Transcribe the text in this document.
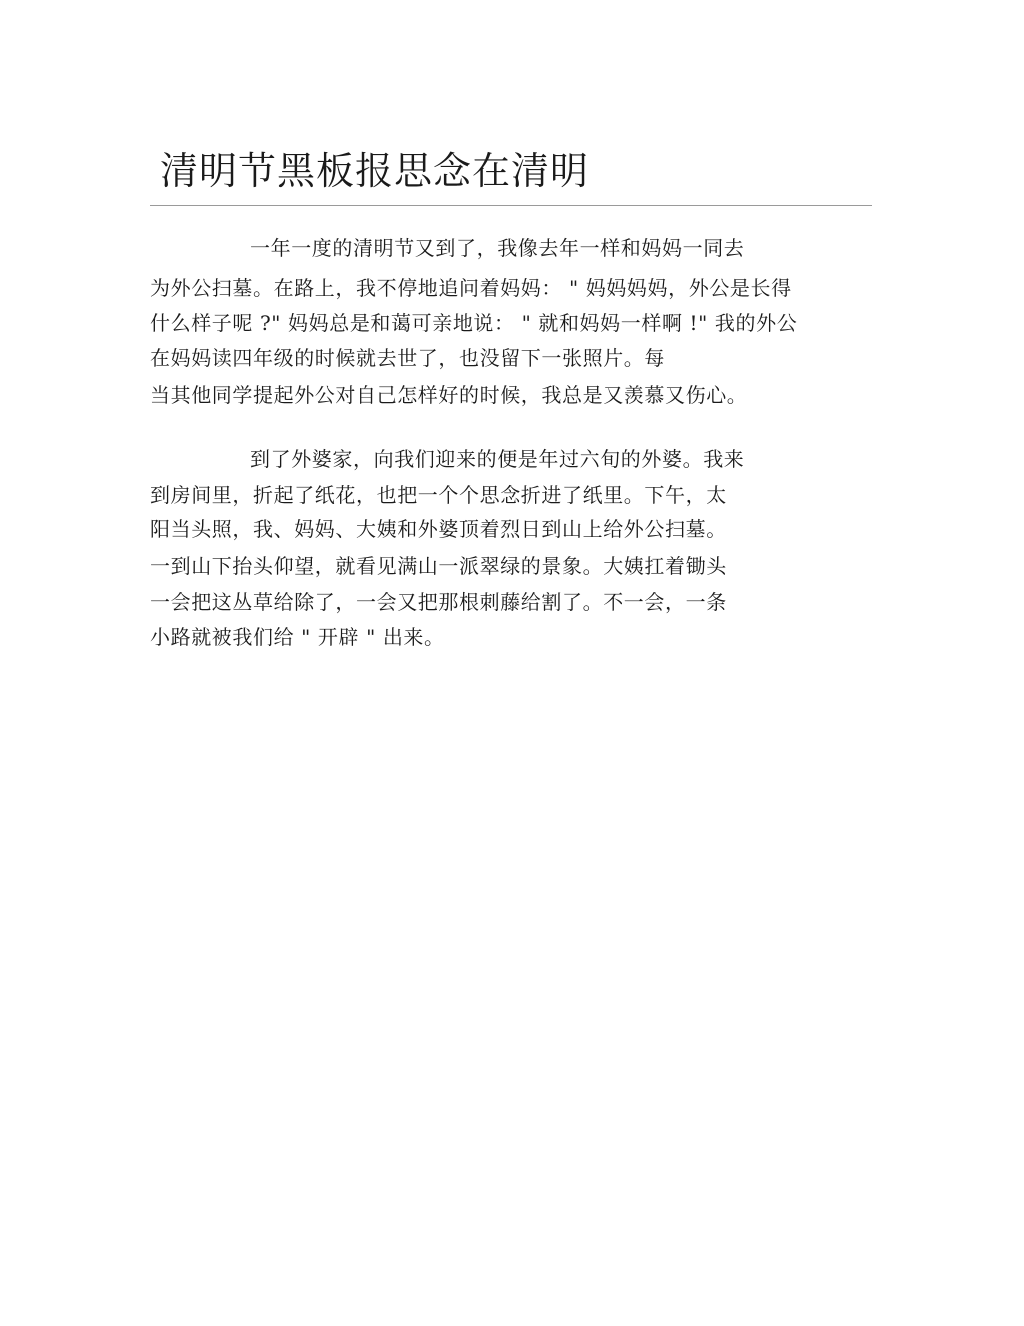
清明节黑板报思念在清明
一年一度的清明节又到了，我像去年一样和妈妈一同去
为外公扫墓。在路上，我不停地追问着妈妈： " 妈妈妈妈，外公是长得
什么样子呢 ?" 妈妈总是和蔼可亲地说： " 就和妈妈一样啊 !" 我的外公
在妈妈读四年级的时候就去世了，也没留下一张照片。每
当其他同学提起外公对自己怎样好的时候，我总是又羡慕又伤心。
到了外婆家，向我们迎来的便是年过六旬的外婆。我来
到房间里，折起了纸花，也把一个个思念折进了纸里。下午，太
阳当头照，我、妈妈、大姨和外婆顶着烈日到山上给外公扫墓。
一到山下抬头仰望，就看见满山一派翠绿的景象。大姨扛着锄头
一会把这丛草给除了，一会又把那根刺藤给割了。不一会，一条
小路就被我们给 " 开辟 " 出来。
